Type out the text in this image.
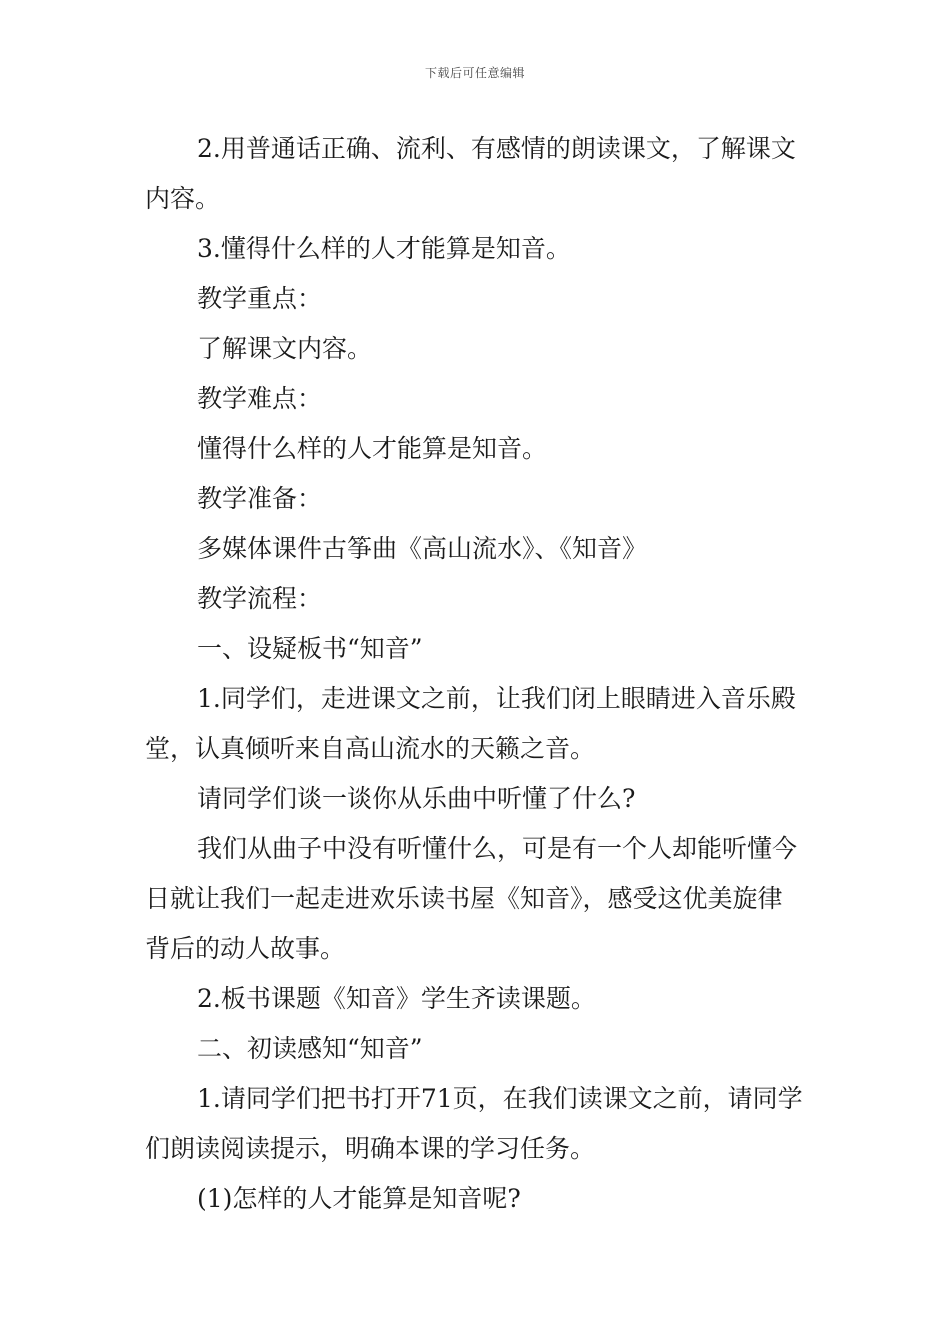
下载后可任意编辑

2.用普通话正确、流利、有感情的朗读课文，了解课文内容。

3.懂得什么样的人才能算是知音。

教学重点：

了解课文内容。

教学难点：

懂得什么样的人才能算是知音。

教学准备：

多媒体课件古筝曲《高山流水》、《知音》

教学流程：

一、设疑板书“知音”

1.同学们，走进课文之前，让我们闭上眼睛进入音乐殿堂，认真倾听来自高山流水的天籁之音。

请同学们谈一谈你从乐曲中听懂了什么?

我们从曲子中没有听懂什么，可是有一个人却能听懂今日就让我们一起走进欢乐读书屋《知音》，感受这优美旋律背后的动人故事。

2.板书课题《知音》学生齐读课题。

二、初读感知“知音”

1.请同学们把书打开71页，在我们读课文之前，请同学们朗读阅读提示，明确本课的学习任务。

(1)怎样的人才能算是知音呢?
